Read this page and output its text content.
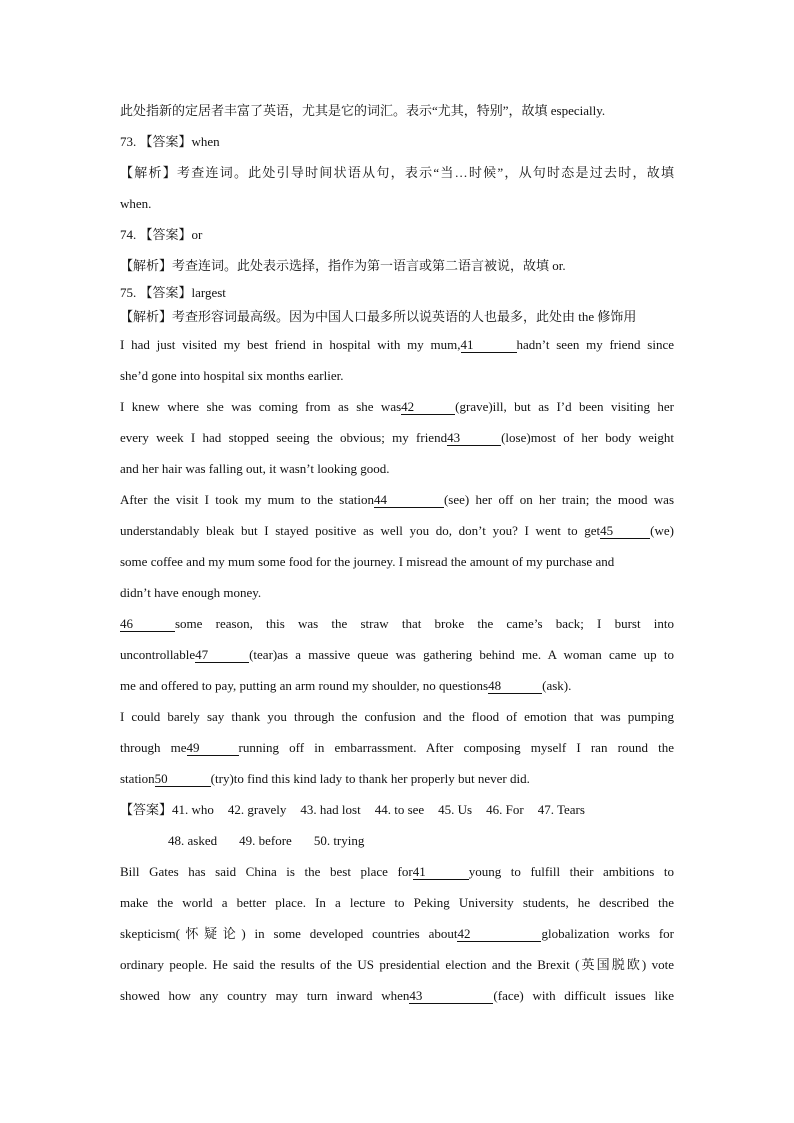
此处指新的定居者丰富了英语，尤其是它的词汇。表示“尤其，特别”，故填 especially.

73. 【答案】when

【解析】考查连词。此处引导时间状语从句，表示“当…时候”，从句时态是过去时，故填

when.

74. 【答案】or

【解析】考查连词。此处表示选择，指作为第一语言或第二语言被说，故填 or.

75. 【答案】largest

【解析】考查形容词最高级。因为中国人口最多所以说英语的人也最多，此处由 the 修饰用

I had just visited my best friend in hospital with my mum,41	hadn’t seen my friend since

she’d gone into hospital six months earlier.

I knew where she was coming from as she was42	(grave)ill, but as I’d been visiting her

every week I had stopped seeing the obvious; my friend43	(lose)most of her body weight

and her hair was falling out, it wasn’t looking good.

After the visit I took my mum to the station44	(see) her off on her train; the mood was

understandably bleak but I stayed positive as well you do, don’t you? I went to get45	(we)

some coffee and my mum some food for the journey. I misread the amount of my purchase and

didn’t have enough money.

46	some reason, this was the straw that broke the came’s back; I burst into

uncontrollable47	(tear)as a massive queue was gathering behind me. A woman came up to

me and offered to pay, putting an arm round my shoulder, no questions48	(ask).

I could barely say thank you through the confusion and the flood of emotion that was pumping

through me49	running off in embarrassment. After composing myself I ran round the

station50	(try)to find this kind lady to thank her properly but never did.

【答案】41. who 42. gravely 43. had lost 44. to see 45. Us 46. For 47. Tears

48. asked 49. before 50. trying

Bill Gates has said China is the best place for41	young to fulfill their ambitions to

make the world a better place. In a lecture to Peking University students, he described the

skepticism(怀疑论) in some developed countries about42	globalization works for

ordinary people. He said the results of the US presidential election and the Brexit (英国脱欧) vote

showed how any country may turn inward when43	(face) with difficult issues like
